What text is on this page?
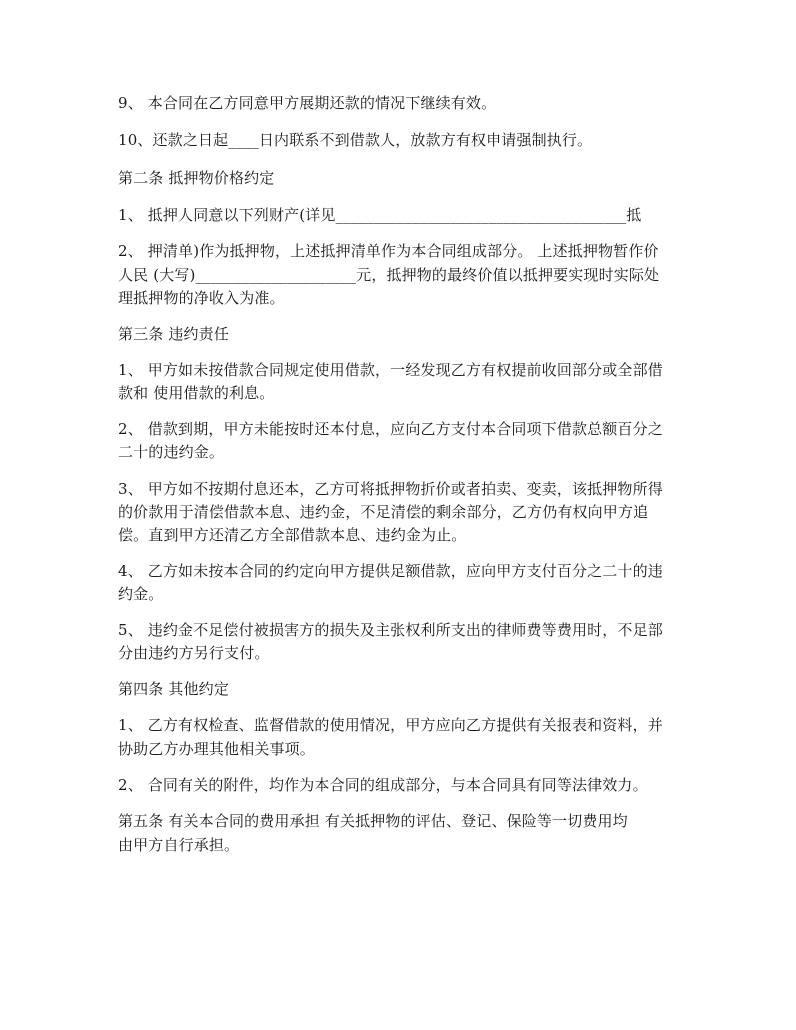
9、 本合同在乙方同意甲方展期还款的情况下继续有效。
10、还款之日起____日内联系不到借款人，放款方有权申请强制执行。
第二条 抵押物价格约定
1、 抵押人同意以下列财产(详见______________________________________抵
2、 押清单)作为抵押物，上述抵押清单作为本合同组成部分。 上述抵押物暂作价
人民 (大写)_____________________元，抵押物的最终价值以抵押要实现时实际处
理抵押物的净收入为准。
第三条 违约责任
1、 甲方如未按借款合同规定使用借款，一经发现乙方有权提前收回部分或全部借
款和 使用借款的利息。
2、 借款到期，甲方未能按时还本付息，应向乙方支付本合同项下借款总额百分之
二十的违约金。
3、 甲方如不按期付息还本，乙方可将抵押物折价或者拍卖、变卖，该抵押物所得
的价款用于清偿借款本息、违约金，不足清偿的剩余部分，乙方仍有权向甲方追
偿。直到甲方还清乙方全部借款本息、违约金为止。
4、 乙方如未按本合同的约定向甲方提供足额借款，应向甲方支付百分之二十的违
约金。
5、 违约金不足偿付被损害方的损失及主张权利所支出的律师费等费用时，不足部
分由违约方另行支付。
第四条 其他约定
1、 乙方有权检查、监督借款的使用情况，甲方应向乙方提供有关报表和资料，并
协助乙方办理其他相关事项。
2、 合同有关的附件，均作为本合同的组成部分，与本合同具有同等法律效力。
第五条 有关本合同的费用承担 有关抵押物的评估、登记、保险等一切费用均
由甲方自行承担。
